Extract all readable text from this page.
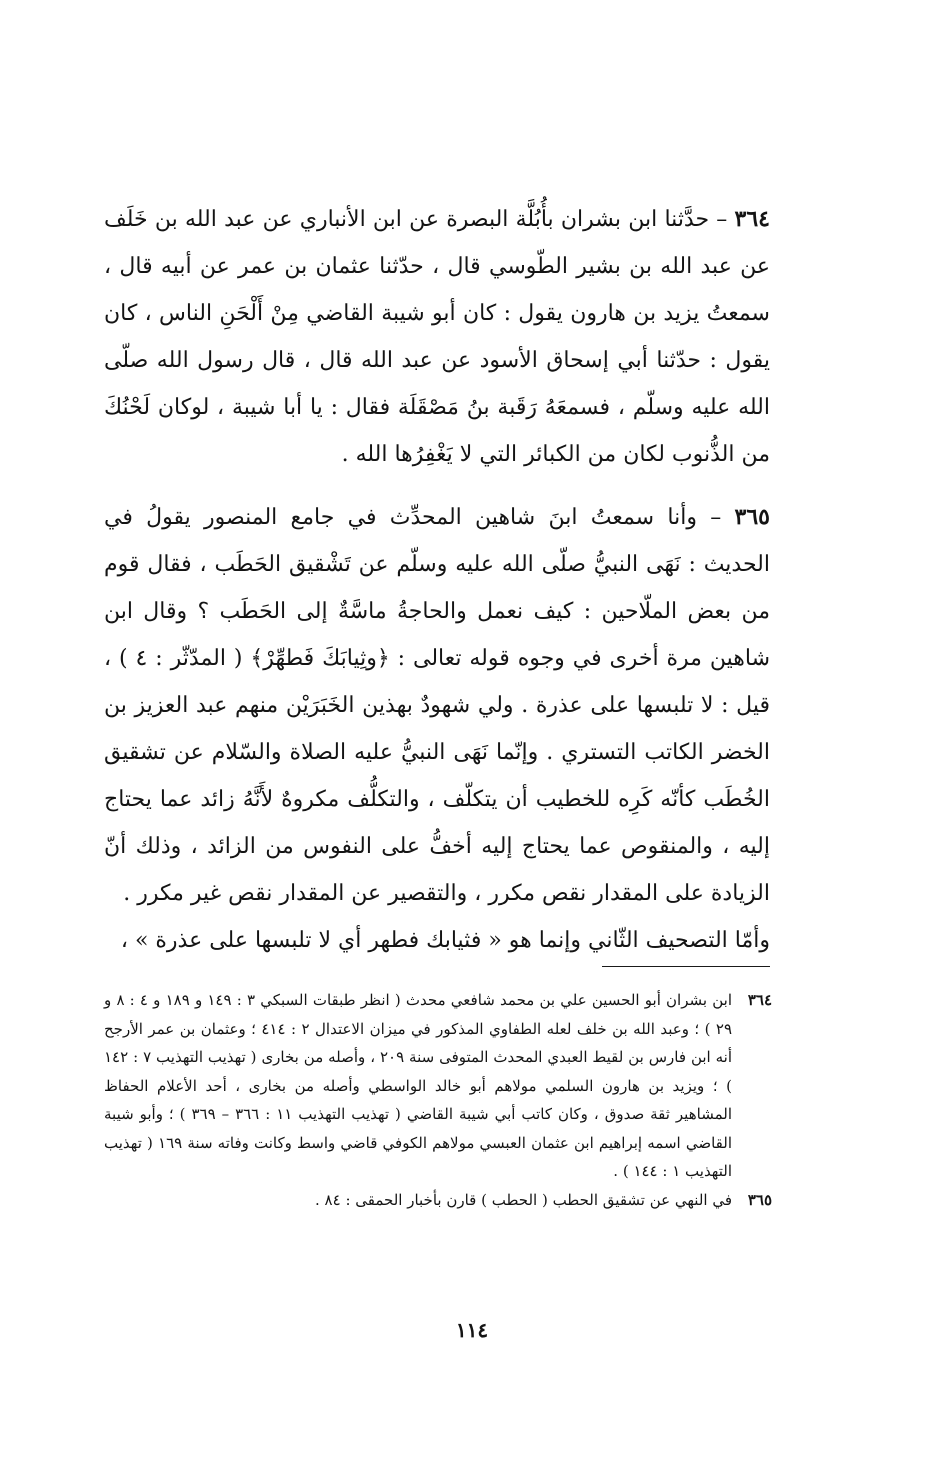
٣٦٤ – حدَّثنا ابن بشران بأُبُلَّة البصرة عن ابن الأنباري عن عبد الله بن خَلَف عن عبد الله بن بشير الطّوسي قال ، حدّثنا عثمان بن عمر عن أبيه قال ، سمعتُ يزيد بن هارون يقول : كان أبو شيبة القاضي مِنْ أَلْحَنِ الناس ، كان يقول : حدّثنا أبي إسحاق الأسود عن عبد الله قال ، قال رسول الله صلّى الله عليه وسلّم ، فسمعَهُ رَقَبة بنُ مَصْقَلَة فقال : يا أبا شيبة ، لوكان لَحْنُكَ من الذُّنوب لكان من الكبائر التي لا يَغْفِرُها الله .

٣٦٥ – وأنا سمعتُ ابنَ شاهين المحدِّث في جامع المنصور يقولُ في الحديث : نَهَى النبيُّ صلّى الله عليه وسلّم عن تَشْقيق الحَطَب ، فقال قوم من بعض الملّاحين : كيف نعمل والحاجةُ ماسَّةٌ إلى الحَطَب ؟ وقال ابن شاهين مرة أخرى في وجوه قوله تعالى : ﴿وثِيابَكَ فَطهِّرْ﴾ ( المدّثّر : ٤ ) ، قيل : لا تلبسها على عذرة . ولي شهودٌ بهذين الخَبَرَيْن منهم عبد العزيز بن الخضر الكاتب التستري . وإنّما نَهَى النبيُّ عليه الصلاة والسّلام عن تشقيق الخُطَب كأنّه كَرِه للخطيب أن يتكلّف ، والتكلُّف مكروهٌ لأَنَّهُ زائد عما يحتاج إليه ، والمنقوص عما يحتاج إليه أخفُّ على النفوس من الزائد ، وذلك أنّ الزيادة على المقدار نقص مكرر ، والتقصير عن المقدار نقص غير مكرر .

وأمّا التصحيف الثّاني وإنما هو « فثيابك فطهر أي لا تلبسها على عذرة » ،

٣٦٤
ابن بشران أبو الحسين علي بن محمد شافعي محدث ( انظر طبقات السبكي ٣ : ١٤٩ و ١٨٩ و ٤ : ٨ و ٢٩ ) ؛ وعبد الله بن خلف لعله الطفاوي المذكور في ميزان الاعتدال ٢ : ٤١٤ ؛ وعثمان بن عمر الأرجح أنه ابن فارس بن لقيط العبدي المحدث المتوفى سنة ٢٠٩ ، وأصله من بخارى ( تهذيب التهذيب ٧ : ١٤٢ ) ؛ ويزيد بن هارون السلمي مولاهم أبو خالد الواسطي وأصله من بخارى ، أحد الأعلام الحفاظ المشاهير ثقة صدوق ، وكان كاتب أبي شيبة القاضي ( تهذيب التهذيب ١١ : ٣٦٦ – ٣٦٩ ) ؛ وأبو شيبة القاضي اسمه إبراهيم ابن عثمان العبسي مولاهم الكوفي قاضي واسط وكانت وفاته سنة ١٦٩ ( تهذيب التهذيب ١ : ١٤٤ ) .

٣٦٥
في النهي عن تشقيق الحطب ( الحطب ) قارن بأخبار الحمقى : ٨٤ .

١١٤
